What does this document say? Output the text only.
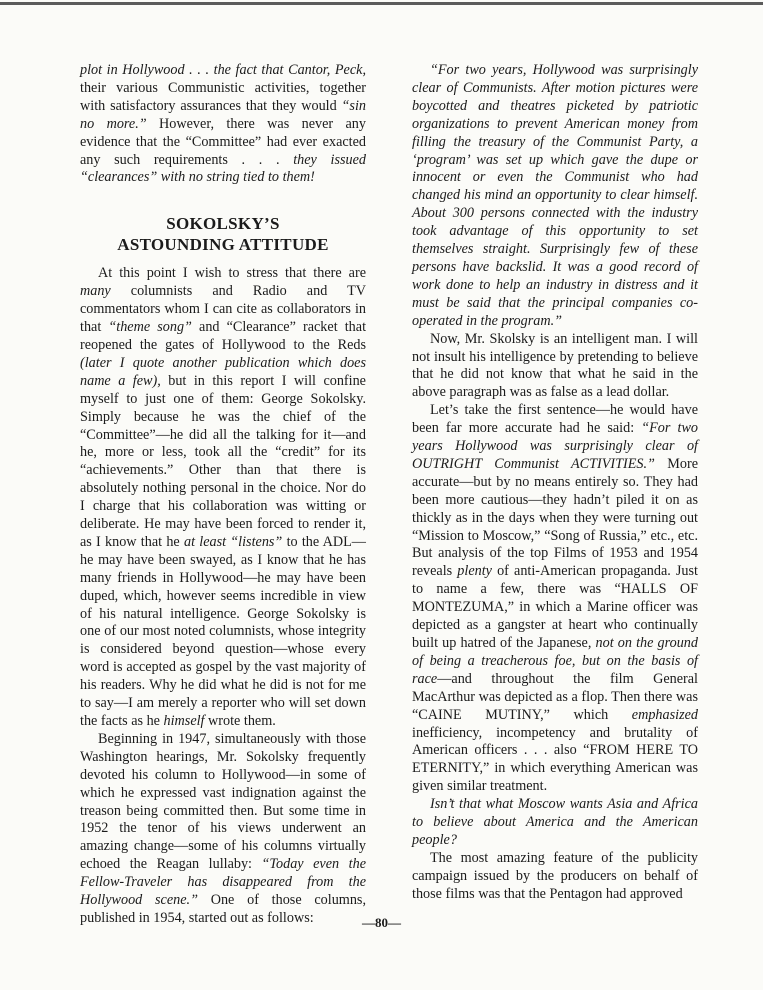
plot in Hollywood . . . the fact that Cantor, Peck, their various Communistic activities, together with satisfactory assurances that they would “sin no more.” However, there was never any evidence that the “Committee” had ever exacted any such requirements . . . they issued “clearances” with no string tied to them!

SOKOLSKY’S
ASTOUNDING ATTITUDE

At this point I wish to stress that there are many columnists and Radio and TV commentators whom I can cite as collaborators in that “theme song” and “Clearance” racket that reopened the gates of Hollywood to the Reds (later I quote another publication which does name a few), but in this report I will confine myself to just one of them: George Sokolsky. Simply because he was the chief of the “Committee”—he did all the talking for it—and he, more or less, took all the “credit” for its “achievements.” Other than that there is absolutely nothing personal in the choice. Nor do I charge that his collaboration was witting or deliberate. He may have been forced to render it, as I know that he at least “listens” to the ADL—he may have been swayed, as I know that he has many friends in Hollywood—he may have been duped, which, however seems incredible in view of his natural intelligence. George Sokolsky is one of our most noted columnists, whose integrity is considered beyond question—whose every word is accepted as gospel by the vast majority of his readers. Why he did what he did is not for me to say—I am merely a reporter who will set down the facts as he himself wrote them.

Beginning in 1947, simultaneously with those Washington hearings, Mr. Sokolsky frequently devoted his column to Hollywood—in some of which he expressed vast indignation against the treason being committed then. But some time in 1952 the tenor of his views underwent an amazing change—some of his columns virtually echoed the Reagan lullaby: “Today even the Fellow-Traveler has disappeared from the Hollywood scene.” One of those columns, published in 1954, started out as follows:

“For two years, Hollywood was surprisingly clear of Communists. After motion pictures were boycotted and theatres picketed by patriotic organizations to prevent American money from filling the treasury of the Communist Party, a ‘program’ was set up which gave the dupe or innocent or even the Communist who had changed his mind an opportunity to clear himself. About 300 persons connected with the industry took advantage of this opportunity to set themselves straight. Surprisingly few of these persons have backslid. It was a good record of work done to help an industry in distress and it must be said that the principal companies co-operated in the program.”

Now, Mr. Skolsky is an intelligent man. I will not insult his intelligence by pretending to believe that he did not know that what he said in the above paragraph was as false as a lead dollar.

Let’s take the first sentence—he would have been far more accurate had he said: “For two years Hollywood was surprisingly clear of OUTRIGHT Communist ACTIVITIES.” More accurate—but by no means entirely so. They had been more cautious—they hadn’t piled it on as thickly as in the days when they were turning out “Mission to Moscow,” “Song of Russia,” etc., etc. But analysis of the top Films of 1953 and 1954 reveals plenty of anti-American propaganda. Just to name a few, there was “HALLS OF MONTEZUMA,” in which a Marine officer was depicted as a gangster at heart who continually built up hatred of the Japanese, not on the ground of being a treacherous foe, but on the basis of race—and throughout the film General MacArthur was depicted as a flop. Then there was “CAINE MUTINY,” which emphasized inefficiency, incompetency and brutality of American officers . . . also “FROM HERE TO ETERNITY,” in which everything American was given similar treatment.

Isn’t that what Moscow wants Asia and Africa to believe about America and the American people?

The most amazing feature of the publicity campaign issued by the producers on behalf of those films was that the Pentagon had approved

—80—
